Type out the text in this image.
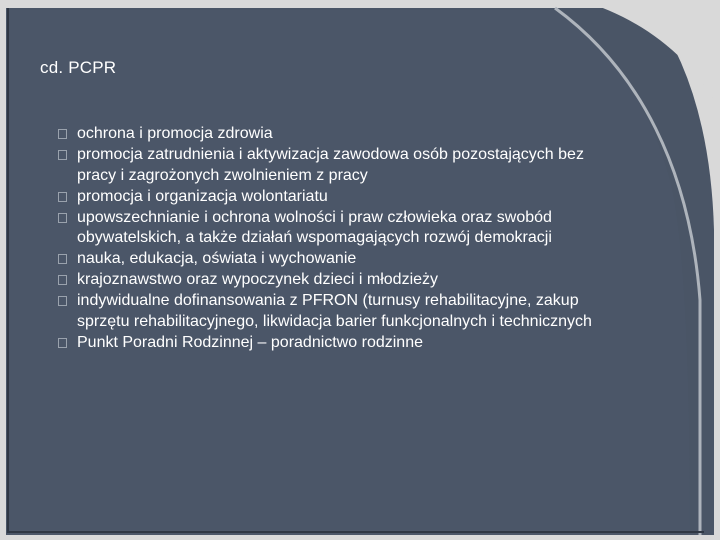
cd. PCPR
ochrona i promocja zdrowia
promocja zatrudnienia i aktywizacja zawodowa osób pozostających bez pracy i zagrożonych zwolnieniem z pracy
promocja i organizacja wolontariatu
upowszechnianie i ochrona wolności i praw człowieka oraz swobód obywatelskich, a także działań wspomagających rozwój demokracji
nauka, edukacja, oświata i wychowanie
krajoznawstwo oraz wypoczynek dzieci i młodzieży
indywidualne dofinansowania z PFRON (turnusy rehabilitacyjne, zakup sprzętu rehabilitacyjnego, likwidacja barier funkcjonalnych i technicznych
Punkt Poradni Rodzinnej – poradnictwo rodzinne
